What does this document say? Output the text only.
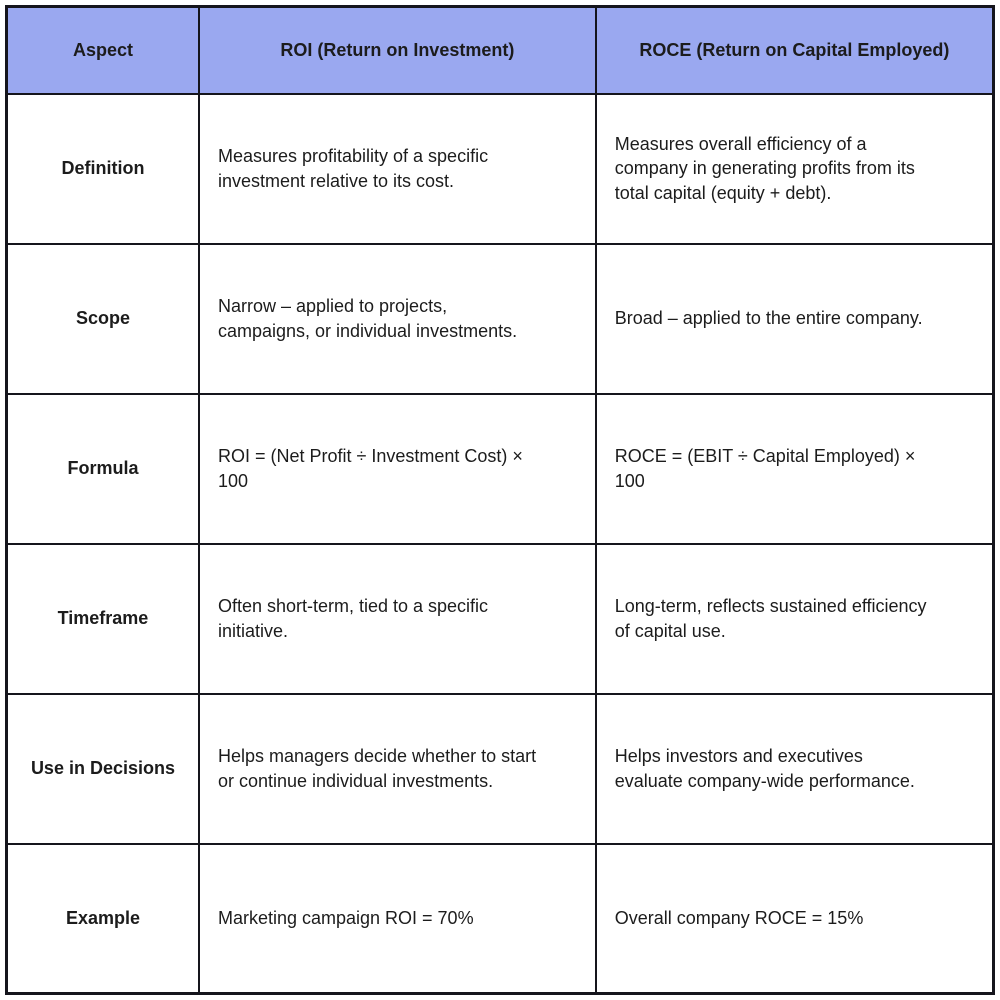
Aspect	ROI (Return on Investment)	ROCE (Return on Capital Employed)
Definition	Measures profitability of a specific investment relative to its cost.	Measures overall efficiency of a company in generating profits from its total capital (equity + debt).
Scope	Narrow – applied to projects, campaigns, or individual investments.	Broad – applied to the entire company.
Formula	ROI = (Net Profit ÷ Investment Cost) × 100	ROCE = (EBIT ÷ Capital Employed) × 100
Timeframe	Often short-term, tied to a specific initiative.	Long-term, reflects sustained efficiency of capital use.
Use in Decisions	Helps managers decide whether to start or continue individual investments.	Helps investors and executives evaluate company-wide performance.
Example	Marketing campaign ROI = 70%	Overall company ROCE = 15%
